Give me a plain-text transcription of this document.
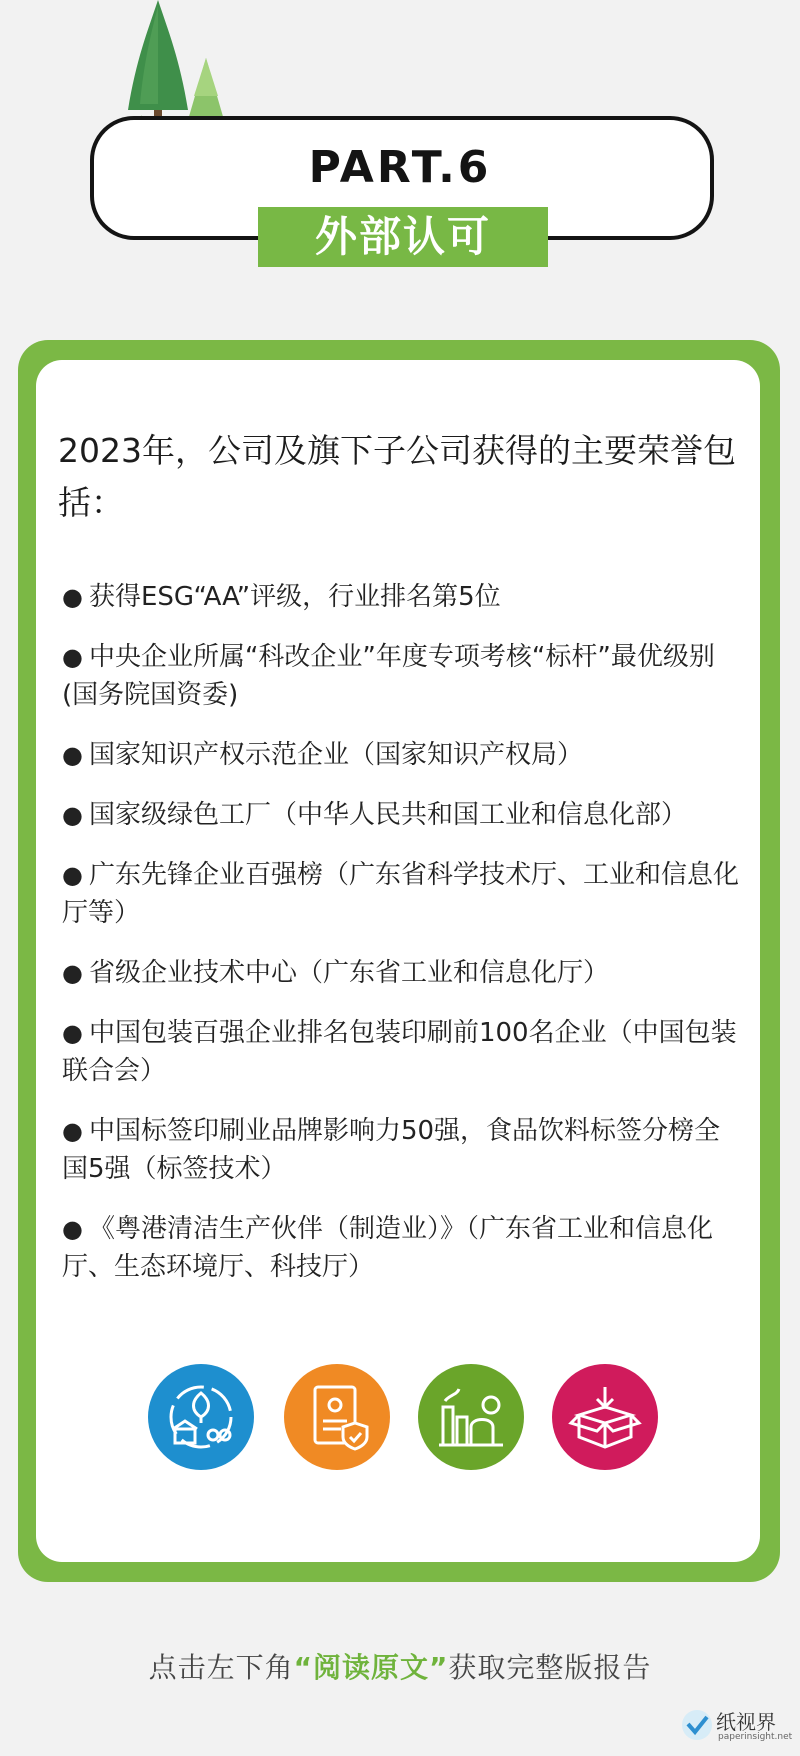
PART.6
外部认可
2023年，公司及旗下子公司获得的主要荣誉包括：
● 获得ESG“AA”评级，行业排名第5位
● 中央企业所属“科改企业”年度专项考核“标杆”最优级别 (国务院国资委)
● 国家知识产权示范企业（国家知识产权局）
● 国家级绿色工厂（中华人民共和国工业和信息化部）
● 广东先锋企业百强榜（广东省科学技术厅、工业和信息化厅等）
● 省级企业技术中心（广东省工业和信息化厅）
● 中国包装百强企业排名包装印刷前100名企业（中国包装联合会）
● 中国标签印刷业品牌影响力50强，食品饮料标签分榜全国5强（标签技术）
● 《粤港清洁生产伙伴（制造业）》（广东省工业和信息化厅、生态环境厅、科技厅）
点击左下角“阅读原文”获取完整版报告
纸视界
paperinsight.net
